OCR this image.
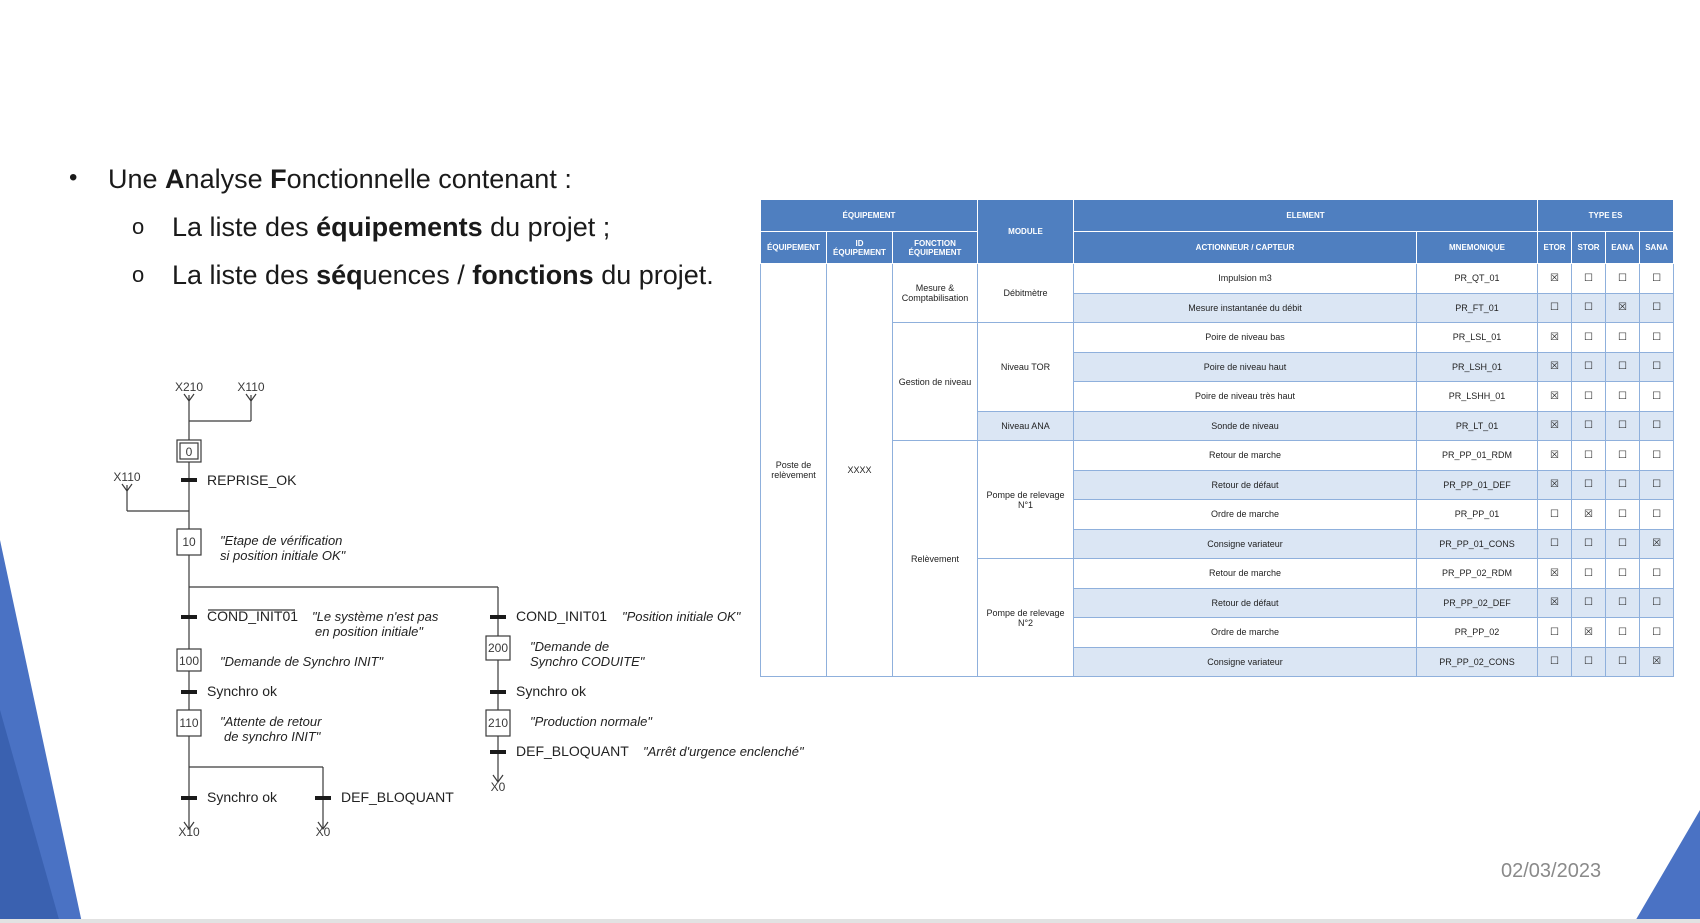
• Une Analyse Fonctionnelle contenant :
o La liste des équipements du projet ;
o La liste des séquences / fonctions du projet.
ÉQUIPEMENT			MODULE	ELEMENT		TYPE ES			
ÉQUIPEMENT	ID ÉQUIPEMENT	FONCTION ÉQUIPEMENT		ACTIONNEUR / CAPTEUR	MNEMONIQUE	ETOR	STOR	EANA	SANA
Poste de relèvement	XXXX	Mesure & Comptabilisation	Débitmètre	Impulsion m3	PR_QT_01	☒	☐	☐	☐
				Mesure instantanée du débit	PR_FT_01	☐	☐	☒	☐
		Gestion de niveau	Niveau TOR	Poire de niveau bas	PR_LSL_01	☒	☐	☐	☐
				Poire de niveau haut	PR_LSH_01	☒	☐	☐	☐
				Poire de niveau très haut	PR_LSHH_01	☒	☐	☐	☐
			Niveau ANA	Sonde de niveau	PR_LT_01	☒	☐	☐	☐
		Relèvement	Pompe de relevage N°1	Retour de marche	PR_PP_01_RDM	☒	☐	☐	☐
				Retour de défaut	PR_PP_01_DEF	☒	☐	☐	☐
				Ordre de marche	PR_PP_01	☐	☒	☐	☐
				Consigne variateur	PR_PP_01_CONS	☐	☐	☐	☒
			Pompe de relevage N°2	Retour de marche	PR_PP_02_RDM	☒	☐	☐	☐
				Retour de défaut	PR_PP_02_DEF	☒	☐	☐	☐
				Ordre de marche	PR_PP_02	☐	☒	☐	☐
				Consigne variateur	PR_PP_02_CONS	☐	☐	☐	☒
X210	X110
X110
0
10
100
110
200
210
X10	X0
X0
REPRISE_OK
COND_INIT01	COND_INIT01
Synchro ok	Synchro ok
DEF_BLOQUANT
Synchro ok	DEF_BLOQUANT
"Etape de vérification
si position initiale OK"
"Le système n'est pas
en position initiale"
"Position initiale OK"
"Demande de Synchro INIT"
"Demande de
Synchro CODUITE"
"Attente de retour
de synchro INIT"
"Production normale"
"Arrêt d'urgence enclenché"
02/03/2023
